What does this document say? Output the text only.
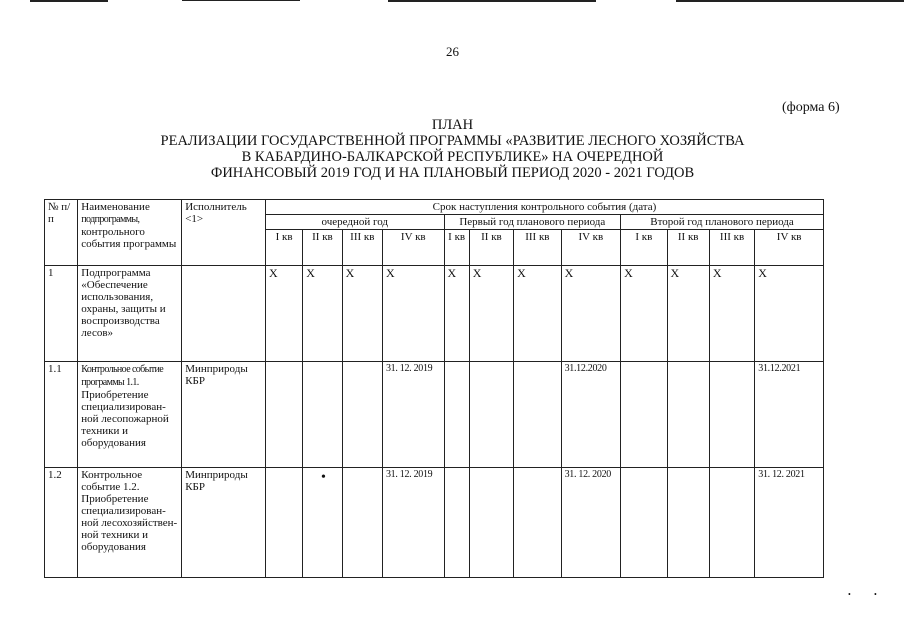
26
(форма 6)
ПЛАН
РЕАЛИЗАЦИИ ГОСУДАРСТВЕННОЙ ПРОГРАММЫ «РАЗВИТИЕ ЛЕСНОГО ХОЗЯЙСТВА
В КАБАРДИНО-БАЛКАРСКОЙ РЕСПУБЛИКЕ» НА ОЧЕРЕДНОЙ
ФИНАНСОВЫЙ 2019 ГОД И НА ПЛАНОВЫЙ ПЕРИОД 2020 - 2021 ГОДОВ
№ п/п	Наименование подпрограммы, контрольного события программы	Исполнитель <1>	Срок наступления контрольного события (дата)											
			очередной год				Первый год планового периода				Второй год планового периода			
			I кв	II кв	III кв	IV кв	I кв	II кв	III кв	IV кв	I кв	II кв	III кв	IV кв
1	Подпрограмма «Обеспечение использования, охраны, защиты и воспроизводства лесов»		X	X	X	X	X	X	X	X	X	X	X	X
1.1	Контрольное событие программы 1.1. Приобретение специализирован-ной лесопожарной техники и оборудования	Минприроды КБР				31. 12. 2019				31.12.2020				31.12.2021
1.2	Контрольное событие 1.2. Приобретение специализирован-ной лесохозяйствен-ной техники и оборудования	Минприроды КБР				31. 12. 2019				31. 12. 2020				31. 12. 2021
•
•	•
